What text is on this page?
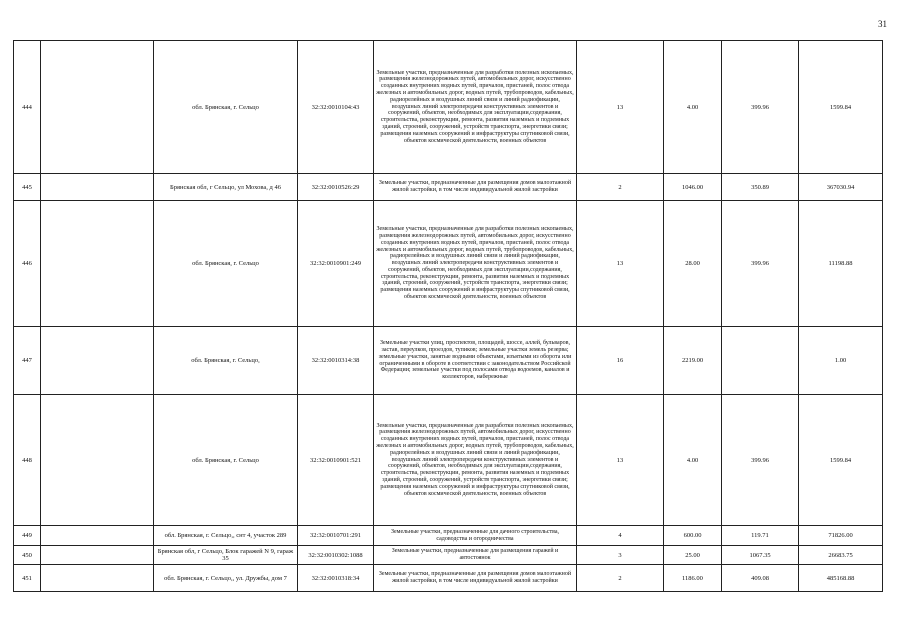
31
444		обл. Брянская, г. Сельцо	32:32:0010104:43	Земельные участки, предназначенные для разработки полезных ископаемых, размещения железнодорожных путей, автомобильных дорог, искусственно созданных внутренних водных путей, причалов, пристаней, полос отвода железных и автомобильных дорог, водных путей, трубопроводов, кабельных, радиорелейных и воздушных линий связи и линий радиофикации, воздушных линий электропередачи конструктивных элементов и сооружений, объектов, необходимых для эксплуатации,содержания, строительства, реконструкции, ремонта, развития наземных и подземных зданий, строений, сооружений, устройств транспорта, энергетики связи; размещения наземных сооружений и инфраструктуры спутниковой связи, объектов космической деятельности, военных объектов	13	4.00	399.96	1599.84
445		Брянская обл, г Сельцо, ул Мохова, д 46	32:32:0010526:29	Земельные участки, предназначенные для размещения домов малоэтажной жилой застройки, в том числе индивидуальной жилой застройки	2	1046.00	350.89	367030.94
446		обл. Брянская, г. Сельцо	32:32:0010901:249	Земельные участки, предназначенные для разработки полезных ископаемых, размещения железнодорожных путей, автомобильных дорог, искусственно созданных внутренних водных путей, причалов, пристаней, полос отвода железных и автомобильных дорог, водных путей, трубопроводов, кабельных, радиорелейных и воздушных линий связи и линий радиофикации, воздушных линий электропередачи конструктивных элементов и сооружений, объектов, необходимых для эксплуатации,содержания, строительства, реконструкции, ремонта, развития наземных и подземных зданий, строений, сооружений, устройств транспорта, энергетики связи; размещения наземных сооружений и инфраструктуры спутниковой связи, объектов космической деятельности, военных объектов	13	28.00	399.96	11198.88
447		обл. Брянская, г. Сельцо,	32:32:0010314:38	Земельные участки улиц, проспектов, площадей, шоссе, аллей, бульваров, застав, переулков, проездов, тупиков; земельные участки земель резерва; земельные участки, занятые водными объектами, изъятыми из оборота или ограниченными в обороте в соответствии с законодательством Российской Федерации; земельные участки под полосами отвода водоемов, каналов и коллекторов, набережные	16	2219.00		1.00
448		обл. Брянская, г. Сельцо	32:32:0010901:521	Земельные участки, предназначенные для разработки полезных ископаемых, размещения железнодорожных путей, автомобильных дорог, искусственно созданных внутренних водных путей, причалов, пристаней, полос отвода железных и автомобильных дорог, водных путей, трубопроводов, кабельных, радиорелейных и воздушных линий связи и линий радиофикации, воздушных линий электропередачи конструктивных элементов и сооружений, объектов, необходимых для эксплуатации,содержания, строительства, реконструкции, ремонта, развития наземных и подземных зданий, строений, сооружений, устройств транспорта, энергетики связи; размещения наземных сооружений и инфраструктуры спутниковой связи, объектов космической деятельности, военных объектов	13	4.00	399.96	1599.84
449		обл. Брянская, г. Сельцо,, снт 4, участок 289	32:32:0010701:291	Земельные участки, предназначенные для дачного строительства, садоводства и огородничества	4	600.00	119.71	71826.00
450		Брянская обл, г Сельцо, Блок гаражей N 9, гараж 35	32:32:0010302:1088	Земельные участки, предназначенные для размещения гаражей и автостоянок	3	25.00	1067.35	26683.75
451		обл. Брянская, г. Сельцо,, ул. Дружбы, дом 7	32:32:0010318:34	Земельные участки, предназначенные для размещения домов малоэтажной жилой застройки, в том числе индивидуальной жилой застройки	2	1186.00	409.08	485168.88
